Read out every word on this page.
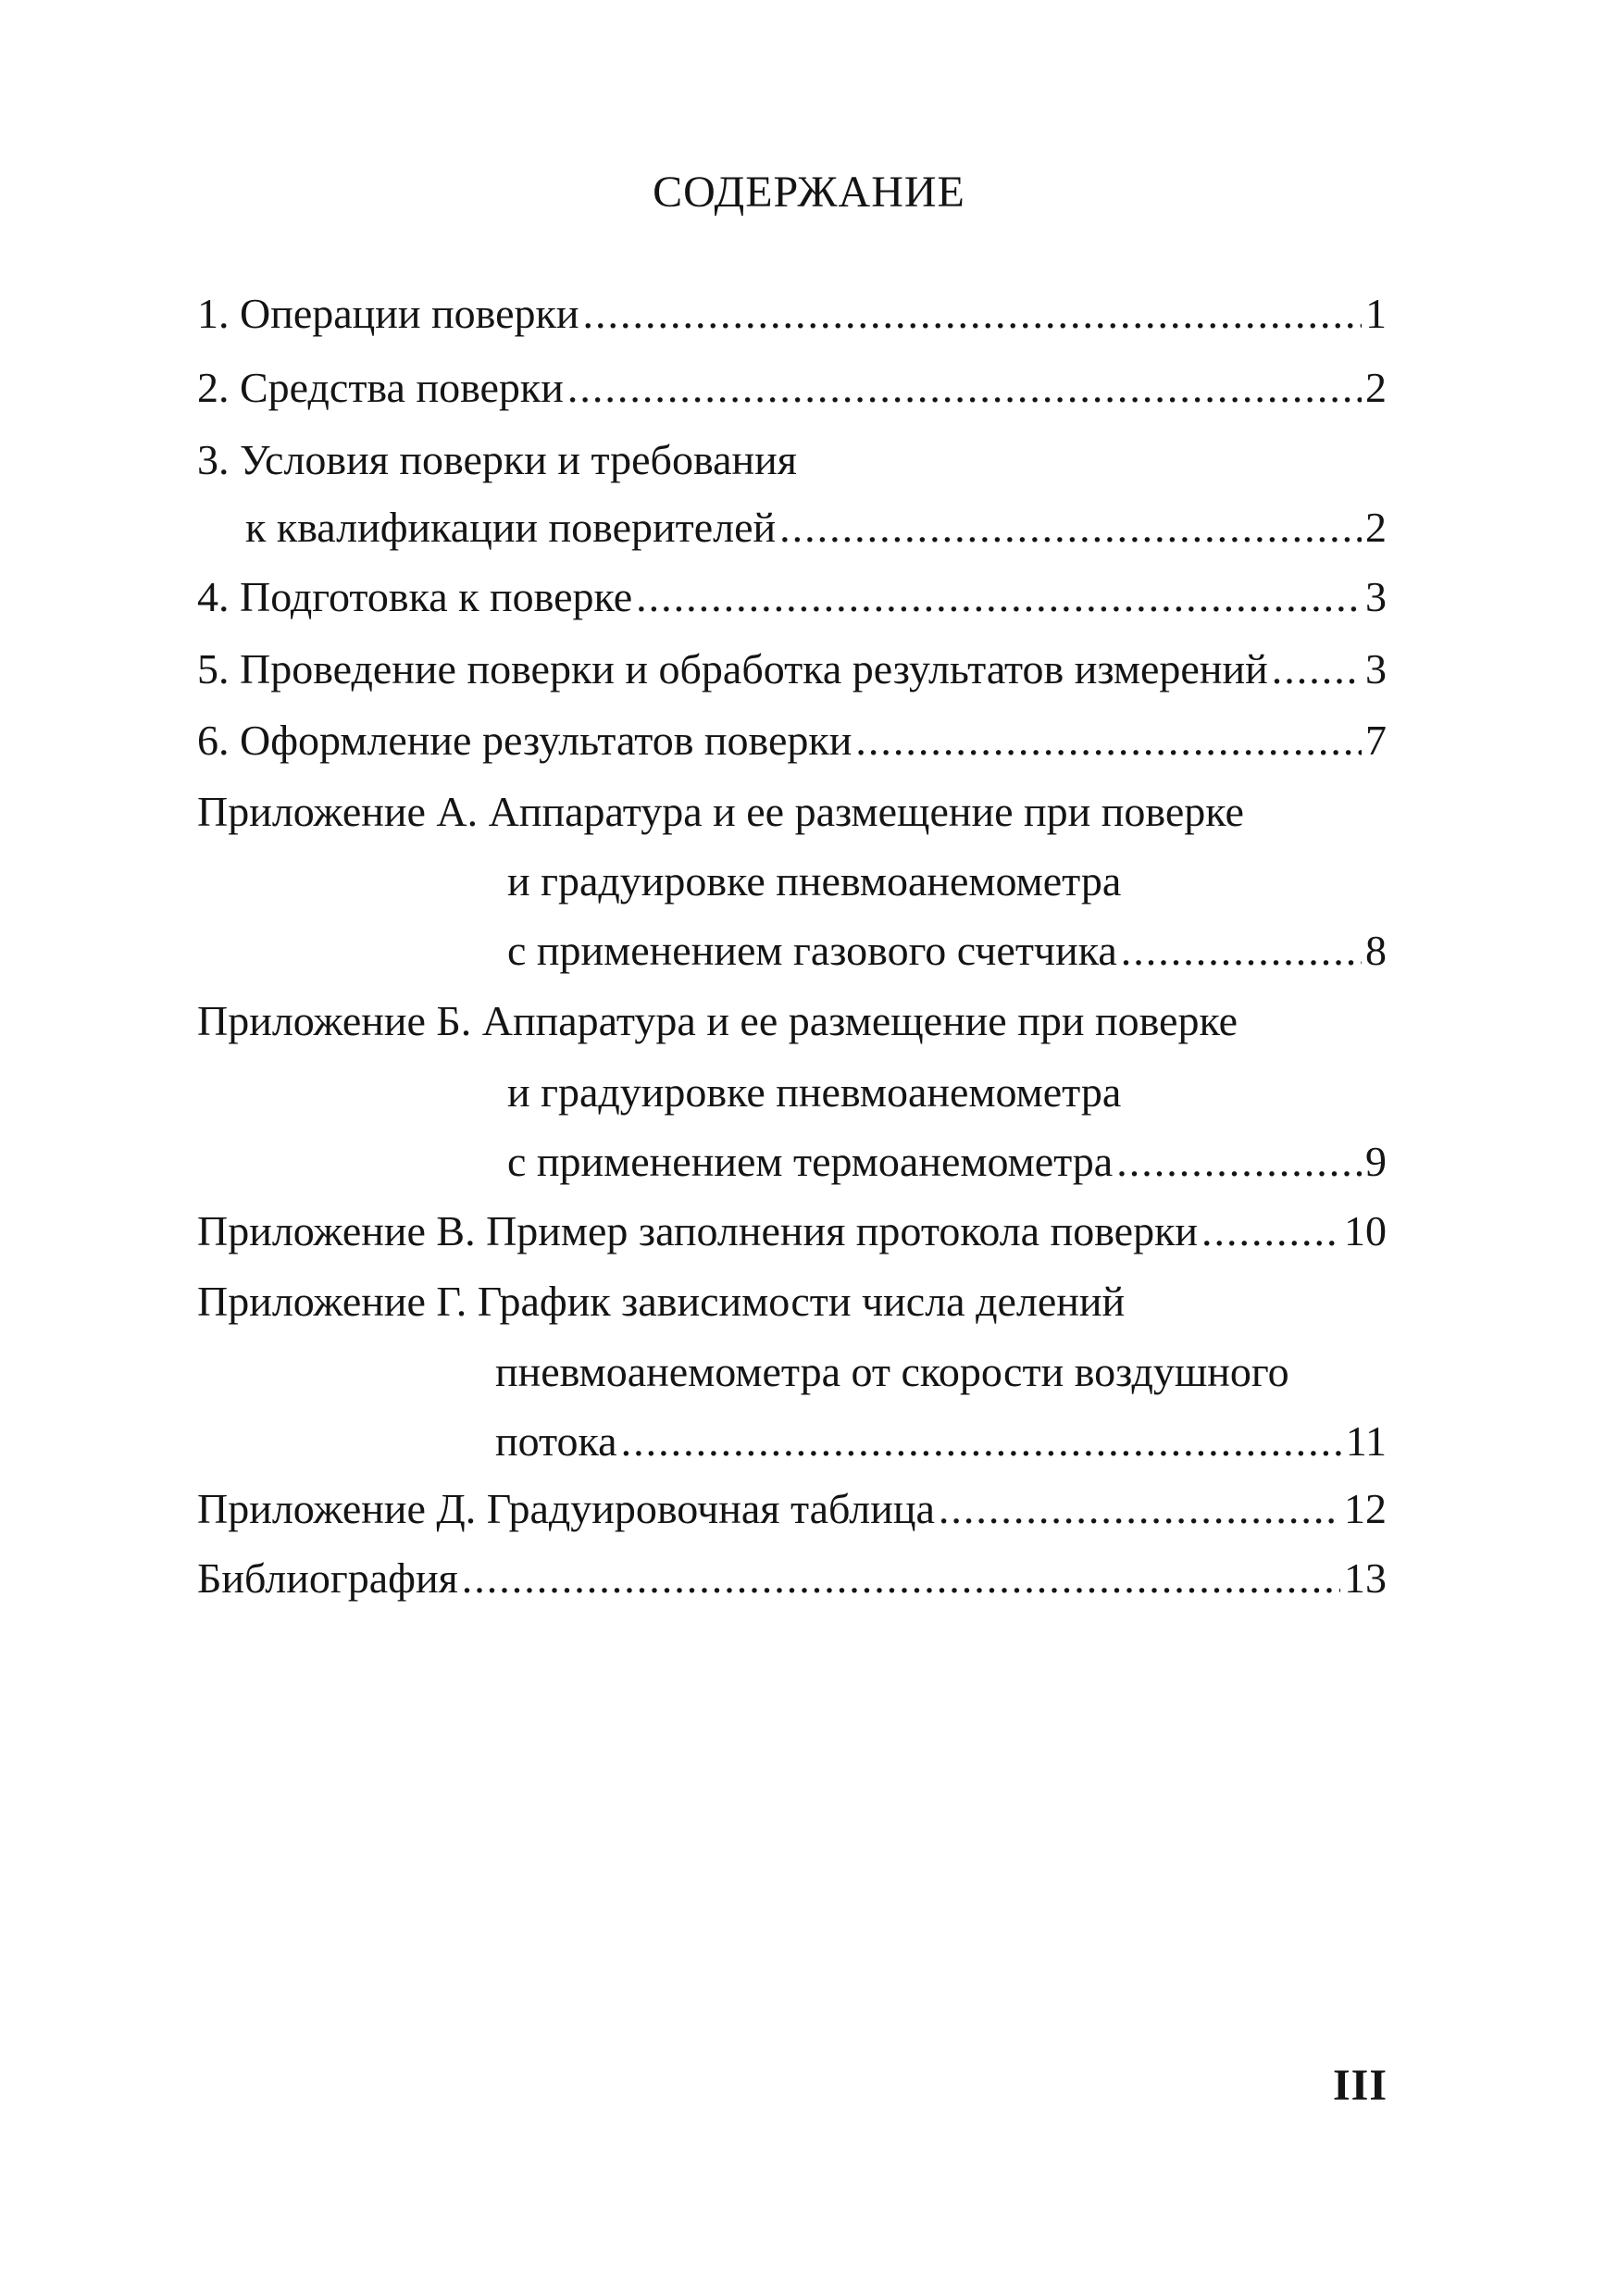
СОДЕРЖАНИЕ
1. Операции поверки .....	1
2. Средства поверки .....	2
3. Условия поверки и требования
к квалификации поверителей .....	2
4. Подготовка к поверке .....	3
5. Проведение поверки и обработка результатов измерений ..... 3
6. Оформление результатов поверки .....	7
Приложение А. Аппаратура и ее размещение при поверке
и градуировке пневмоанемометра
с применением газового счетчика .....	8
Приложение Б. Аппаратура и ее размещение при поверке
и градуировке пневмоанемометра
с применением термоанемометра .....	9
Приложение В. Пример заполнения протокола поверки .....	10
Приложение Г. График зависимости числа делений
пневмоанемометра от скорости воздушного
потока .....	11
Приложение Д. Градуировочная таблица .....	12
Библиография .....	13
III
